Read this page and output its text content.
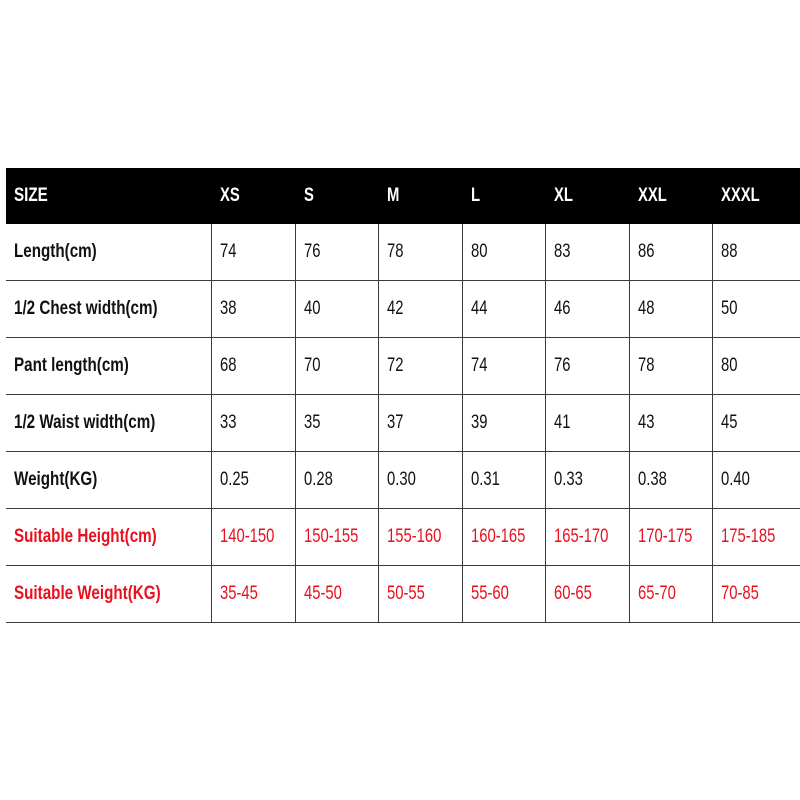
SIZE	XS	S	M	L	XL	XXL	XXXL
Length(cm)	74	76	78	80	83	86	88
1/2 Chest width(cm)	38	40	42	44	46	48	50
Pant length(cm)	68	70	72	74	76	78	80
1/2 Waist width(cm)	33	35	37	39	41	43	45
Weight(KG)	0.25	0.28	0.30	0.31	0.33	0.38	0.40
Suitable Height(cm)	140-150	150-155	155-160	160-165	165-170	170-175	175-185
Suitable Weight(KG)	35-45	45-50	50-55	55-60	60-65	65-70	70-85
